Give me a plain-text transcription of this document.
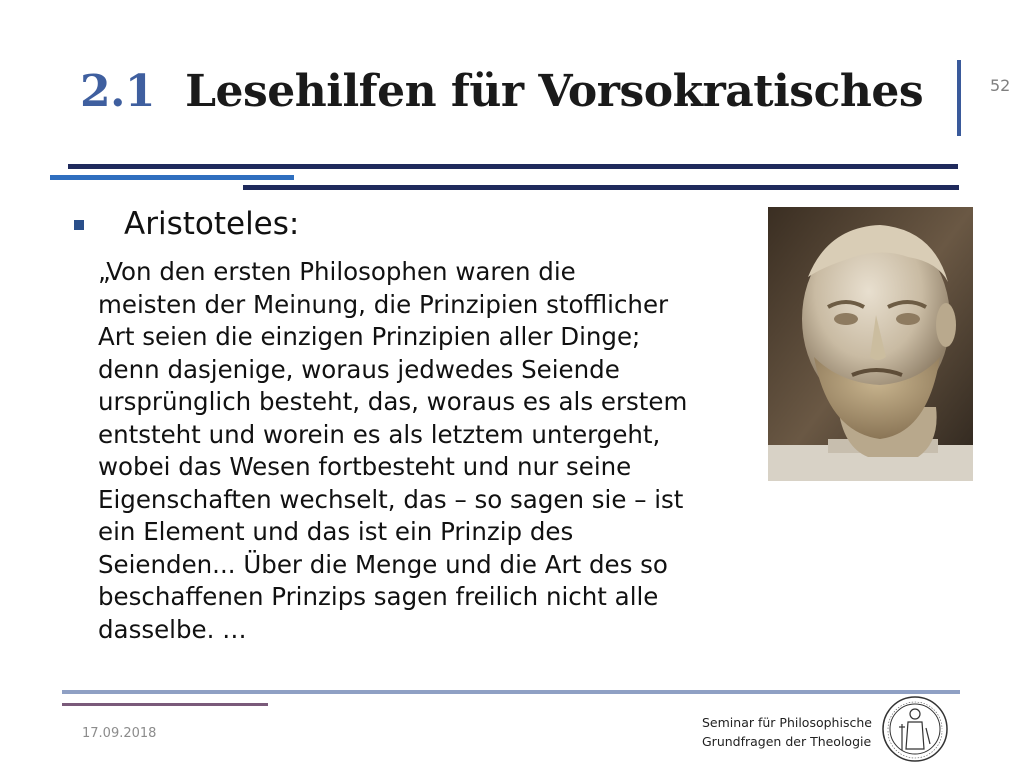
52
2.1 Lesehilfen für Vorsokratisches
Aristoteles:

„Von den ersten Philosophen waren die
meisten der Meinung, die Prinzipien stofflicher
Art seien die einzigen Prinzipien aller Dinge;
denn dasjenige, woraus jedwedes Seiende
ursprünglich besteht, das, woraus es als erstem
entsteht und worein es als letztem untergeht,
wobei das Wesen fortbesteht und nur seine
Eigenschaften wechselt, das – so sagen sie – ist
ein Element und das ist ein Prinzip des
Seienden... Über die Menge und die Art des so
beschaffenen Prinzips sagen freilich nicht alle
dasselbe. …

17.09.2018
Seminar für Philosophische
Grundfragen der Theologie
